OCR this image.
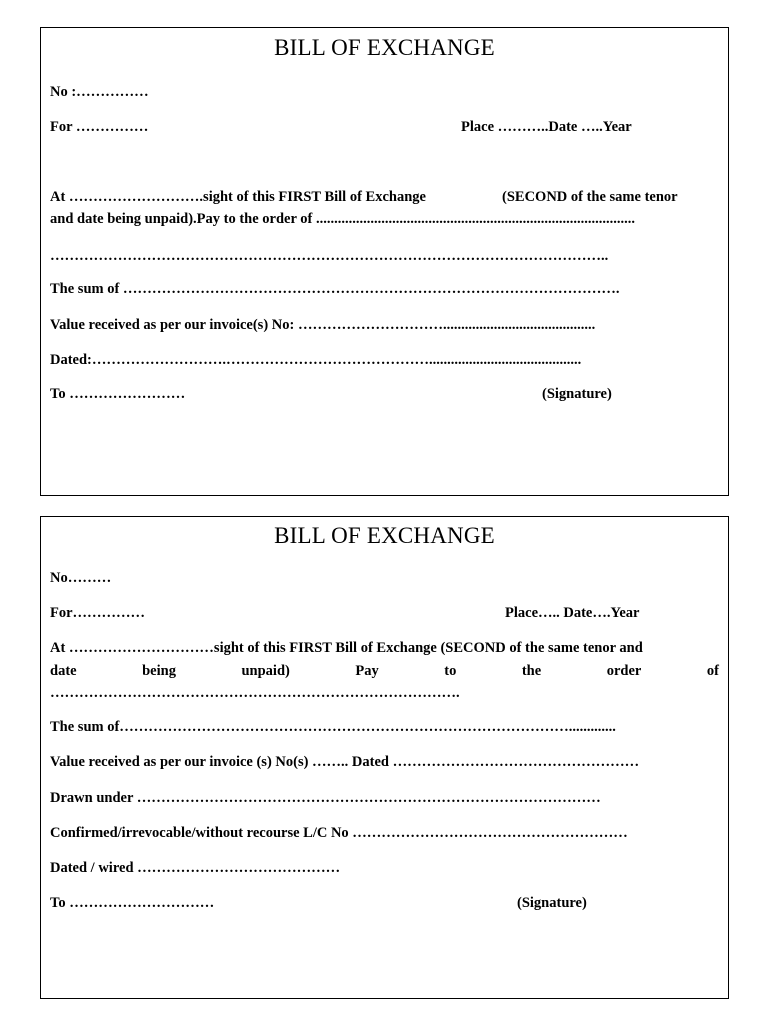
BILL OF EXCHANGE
No :……………
For ……………	Place ………..Date …..Year
At ……………………….sight of this FIRST Bill of Exchange	(SECOND of the same tenor
and date being unpaid).Pay to the order of ........................................................................................
……………………………………………………………………………………………………..
The sum of ………………………………………………………………………………………….
Value received as per our invoice(s) No: …………………………..........................................
Dated:……………………….……………………………………..........................................
To ……………………	(Signature)
BILL OF EXCHANGE
No………
For……………	Place….. Date….Year
At …………………………sight of this FIRST Bill of Exchange (SECOND of the same tenor and
date	being	unpaid)	Pay	to	the	order	of
………………………………………………………………………….
The sum of………………………………………………………………………………….............
Value received as per our invoice (s) No(s) …….. Dated ……………………………………………
Drawn under ……………………………………………………………………………………
Confirmed/irrevocable/without recourse L/C No …………………………………………………
Dated / wired ……………………………………
To …………………………	(Signature)
